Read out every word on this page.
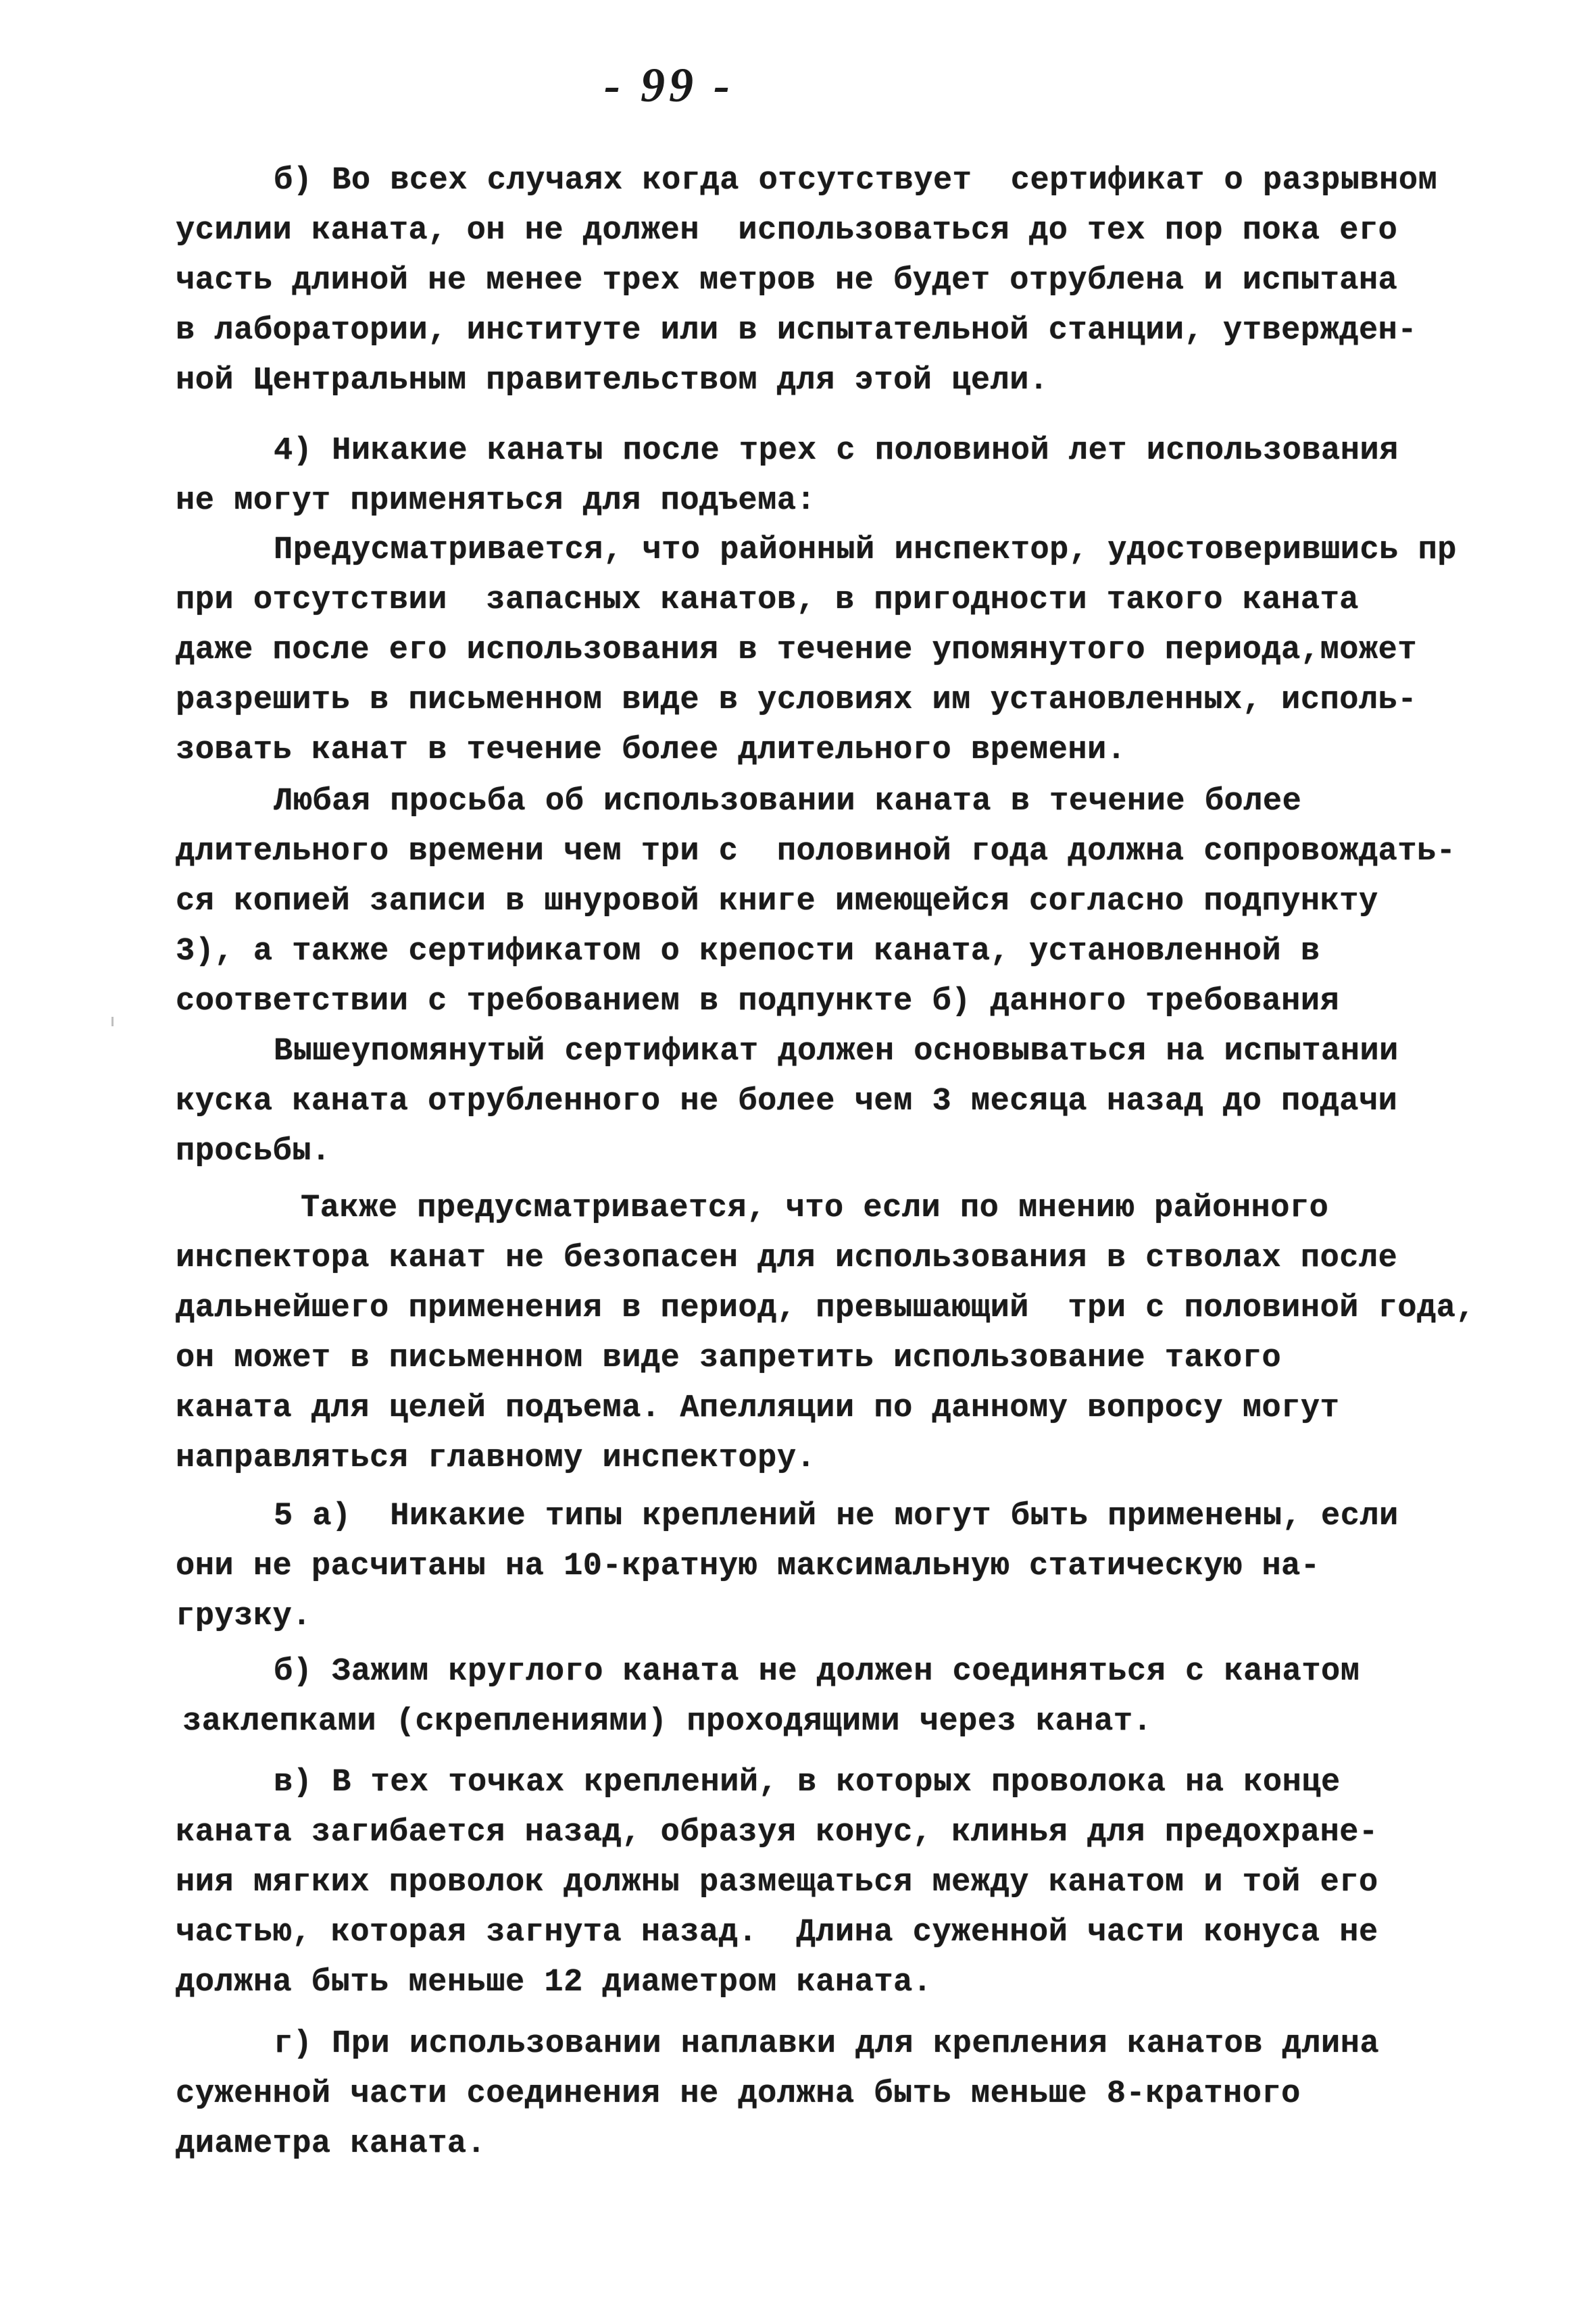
- 99 -
б) Во всех случаях когда отсутствует  сертификат о разрывном
усилии каната, он не должен  использоваться до тех пор пока его
часть длиной не менее трех метров не будет отрублена и испытана
в лаборатории, институте или в испытательной станции, утвержден-
ной Центральным правительством для этой цели.
4) Никакие канаты после трех с половиной лет использования
не могут применяться для подъема:
Предусматривается, что районный инспектор, удостоверившись пр
при отсутствии  запасных канатов, в пригодности такого каната
даже после его использования в течение упомянутого периода,может
разрешить в письменном виде в условиях им установленных, исполь-
зовать канат в течение более длительного времени.
Любая просьба об использовании каната в течение более
длительного времени чем три с  половиной года должна сопровождать-
ся копией записи в шнуровой книге имеющейся согласно подпункту
3), а также сертификатом о крепости каната, установленной в
соответствии с требованием в подпункте б) данного требования
Вышеупомянутый сертификат должен основываться на испытании
куска каната отрубленного не более чем 3 месяца назад до подачи
просьбы.
Также предусматривается, что если по мнению районного
инспектора канат не безопасен для использования в стволах после
дальнейшего применения в период, превышающий  три с половиной года,
он может в письменном виде запретить использование такого
каната для целей подъема. Апелляции по данному вопросу могут
направляться главному инспектору.
5 а)  Никакие типы креплений не могут быть применены, если
они не расчитаны на 10-кратную максимальную статическую на-
грузку.
б) Зажим круглого каната не должен соединяться с канатом
заклепками (скреплениями) проходящими через канат.
в) В тех точках креплений, в которых проволока на конце
каната загибается назад, образуя конус, клинья для предохране-
ния мягких проволок должны размещаться между канатом и той его
частью, которая загнута назад.  Длина суженной части конуса не
должна быть меньше 12 диаметром каната.
г) При использовании наплавки для крепления канатов длина
суженной части соединения не должна быть меньше 8-кратного
диаметра каната.
